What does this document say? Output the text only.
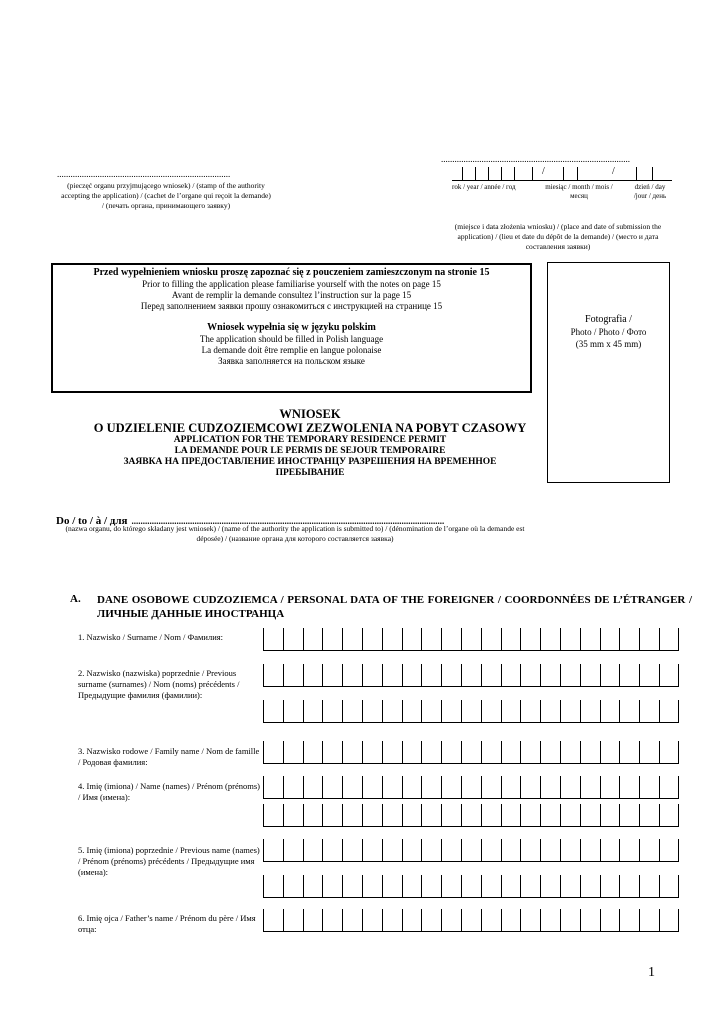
.............................................................................
(pieczęć organu przyjmującego wniosek) / (stamp of the authority accepting the application) / (cachet de l’organe qui reçoit la demande) / (печать органа, принимающего заявку)
....................................................................................
/	/
rok / year / année / год	miesiąc / month / mois / месяц
dzień / day /jour / день
(miejsce i data złożenia wniosku) / (place and date of submission the application) / (lieu et date du dépôt de la demande) / (место и дата составления заявки)
Przed wypełnieniem wniosku proszę zapoznać się z pouczeniem zamieszczonym na stronie 15
Prior to filling the application please familiarise yourself with the notes on page 15
Avant de remplir la demande consultez l’instruction sur la page 15
Перед заполнением заявки прошу ознакомиться с инструкцией на странице 15
Wniosek wypełnia się w języku polskim
The application should be filled in Polish language
La demande doit être remplie en langue polonaise
Заявка заполняется на польском языке
Fotografia /
Photo / Photo / Фото
(35 mm x 45 mm)
WNIOSEK
O UDZIELENIE CUDZOZIEMCOWI ZEZWOLENIA NA POBYT CZASOWY
APPLICATION FOR THE TEMPORARY RESIDENCE PERMIT
LA DEMANDE POUR LE PERMIS DE SEJOUR TEMPORAIRE
ЗАЯВКА НА ПРЕДОСТАВЛЕНИЕ ИНОСТРАНЦУ РАЗРЕШЕНИЯ НА ВРЕМЕННОЕ
ПРЕБЫВАНИЕ
Do / to / à / для ...........................................................................................................................................
(nazwa organu, do którego składany jest wniosek) / (name of the authority the application is submitted to) / (dénomination de l’organe où la demande est déposée) / (название органа для которого составляется заявка)
A. DANE OSOBOWE CUDZOZIEMCA / PERSONAL DATA OF THE FOREIGNER / COORDONNÉES DE L’ÉTRANGER / ЛИЧНЫЕ ДАННЫЕ ИНОСТРАНЦА
1. Nazwisko / Surname / Nom / Фамилия:
2. Nazwisko (nazwiska) poprzednie / Previous surname (surnames) / Nom (noms) précédents / Предыдущие фамилия (фамилии):
3. Nazwisko rodowe / Family name / Nom de famille / Родовая фамилия:
4. Imię (imiona) / Name (names) / Prénom (prénoms) / Имя (имена):
5. Imię (imiona) poprzednie / Previous name (names) / Prénom (prénoms) précédents / Предыдущие имя (имена):
6. Imię ojca / Father’s name / Prénom du père / Имя отца:
1
